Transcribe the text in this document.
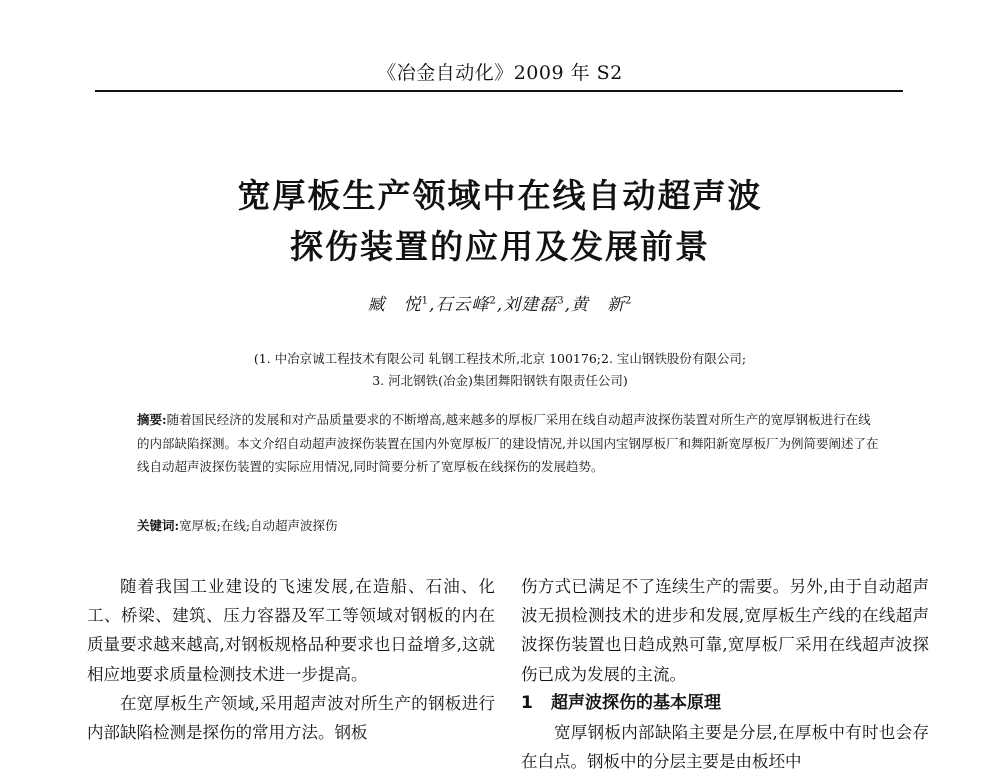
《冶金自动化》2009 年 S2
宽厚板生产领域中在线自动超声波
探伤装置的应用及发展前景
臧　悦$^1$,石云峰$^2$,刘建磊$^3$,黄　新$^2$
(1. 中冶京诚工程技术有限公司 轧钢工程技术所,北京 100176;2. 宝山钢铁股份有限公司;
3. 河北钢铁(冶金)集团舞阳钢铁有限责任公司)
摘要:随着国民经济的发展和对产品质量要求的不断增高,越来越多的厚板厂采用在线自动超声波探伤装置对所生产的宽厚钢板进行在线的内部缺陷探测。本文介绍自动超声波探伤装置在国内外宽厚板厂的建设情况,并以国内宝钢厚板厂和舞阳新宽厚板厂为例简要阐述了在线自动超声波探伤装置的实际应用情况,同时简要分析了宽厚板在线探伤的发展趋势。
关键词:宽厚板;在线;自动超声波探伤

随着我国工业建设的飞速发展,在造船、石油、化工、桥梁、建筑、压力容器及军工等领域对钢板的内在质量要求越来越高,对钢板规格品种要求也日益增多,这就相应地要求质量检测技术进一步提高。

在宽厚板生产领域,采用超声波对所生产的钢板进行内部缺陷检测是探伤的常用方法。钢板

伤方式已满足不了连续生产的需要。另外,由于自动超声波无损检测技术的进步和发展,宽厚板生产线的在线超声波探伤装置也日趋成熟可靠,宽厚板厂采用在线超声波探伤已成为发展的主流。

1 超声波探伤的基本原理

宽厚钢板内部缺陷主要是分层,在厚板中有时也会存在白点。钢板中的分层主要是由板坯中
